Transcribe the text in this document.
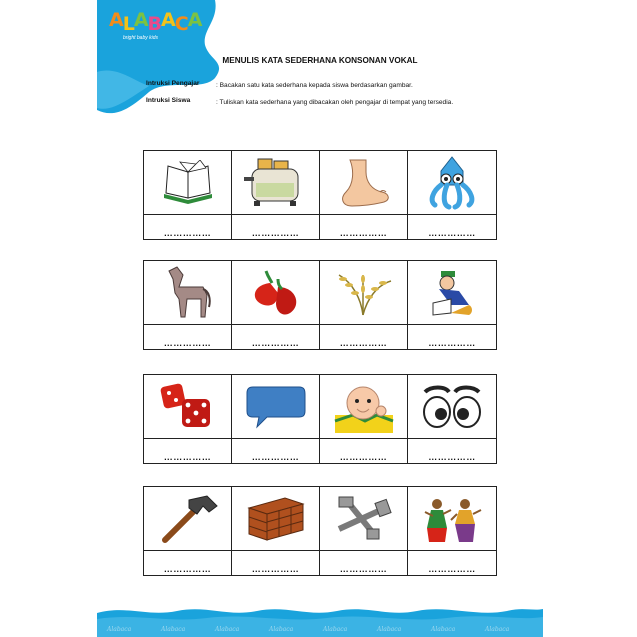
ALABACA
bright baby kids
MENULIS KATA SEDERHANA KONSONAN VOKAL
Intruksi Pengajar	: Bacakan satu kata sederhana kepada siswa berdasarkan gambar.
Intruksi Siswa	: Tuliskan kata sederhana yang dibacakan oleh pengajar di tempat yang tersedia.
……………	……………	……………	……………
……………	……………	……………	……………
……………	……………	……………	……………
……………	……………	……………	……………
Alabaca	Alabaca	Alabaca	Alabaca	Alabaca	Alabaca	Alabaca	Alabaca
